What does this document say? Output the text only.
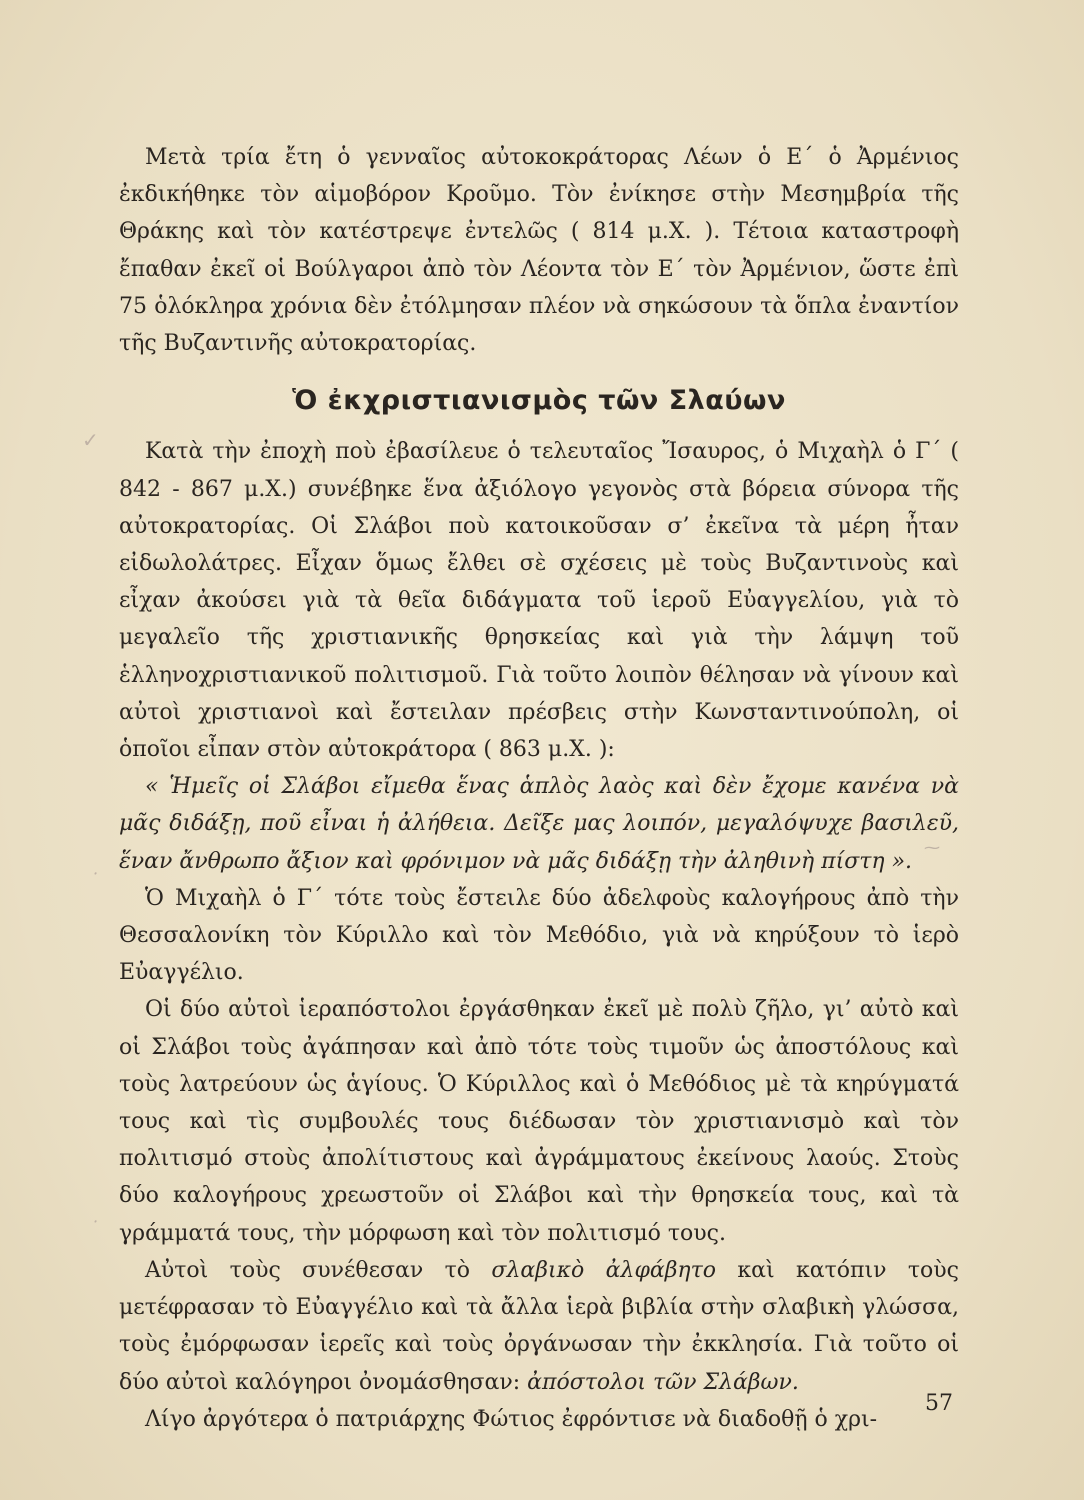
✓
⁓
⸱
⸱

Μετὰ τρία ἔτη ὁ γενναῖος αὐτοκοκράτορας Λέων ὁ Ε΄ ὁ Ἀρμένιος ἐκδικήθηκε τὸν αἱμοβόρον Κροῦμο. Τὸν ἐνίκησε στὴν Μεσημβρία τῆς Θράκης καὶ τὸν κατέστρεψε ἐντελῶς ( 814 μ.Χ. ). Τέτοια καταστροφὴ ἔπαθαν ἐκεῖ οἱ Βούλγαροι ἀπὸ τὸν Λέοντα τὸν Ε΄ τὸν Ἀρμένιον, ὥστε ἐπὶ 75 ὁλόκληρα χρόνια δὲν ἐτόλμησαν πλέον νὰ σηκώσουν τὰ ὅπλα ἐναντίον τῆς Βυζαντινῆς αὐτοκρατορίας.

Ὁ ἐκχριστιανισμὸς τῶν Σλαύων

Κατὰ τὴν ἐποχὴ ποὺ ἐβασίλευε ὁ τελευταῖος Ἴσαυρος, ὁ Μιχαὴλ ὁ Γ΄ ( 842 - 867 μ.Χ.) συνέβηκε ἕνα ἀξιόλογο γεγονὸς στὰ βόρεια σύνορα τῆς αὐτοκρατορίας. Οἱ Σλάβοι ποὺ κατοικοῦσαν σ’ ἐκεῖνα τὰ μέρη ἦταν εἰδωλολάτρες. Εἶχαν ὅμως ἔλθει σὲ σχέσεις μὲ τοὺς Βυζαντινοὺς καὶ εἶχαν ἀκούσει γιὰ τὰ θεῖα διδάγματα τοῦ ἱεροῦ Εὐαγγελίου, γιὰ τὸ μεγαλεῖο τῆς χριστιανικῆς θρησκείας καὶ γιὰ τὴν λάμψη τοῦ ἑλληνοχριστιανικοῦ πολιτισμοῦ. Γιὰ τοῦτο λοιπὸν θέλησαν νὰ γίνουν καὶ αὐτοὶ χριστιανοὶ καὶ ἔστειλαν πρέσβεις στὴν Κωνσταντινούπολη, οἱ ὁποῖοι εἶπαν στὸν αὐτοκράτορα ( 863 μ.Χ. ):

« Ἡμεῖς οἱ Σλάβοι εἴμεθα ἕνας ἁπλὸς λαὸς καὶ δὲν ἔχομε κανένα νὰ μᾶς διδάξῃ, ποῦ εἶναι ἡ ἀλήθεια. Δεῖξε μας λοιπόν, μεγαλόψυχε βασιλεῦ, ἕναν ἄνθρωπο ἄξιον καὶ φρόνιμον νὰ μᾶς διδάξῃ τὴν ἀληθινὴ πίστη ».

Ὁ Μιχαὴλ ὁ Γ΄ τότε τοὺς ἔστειλε δύο ἀδελφοὺς καλογήρους ἀπὸ τὴν Θεσσαλονίκη τὸν Κύριλλο καὶ τὸν Μεθόδιο, γιὰ νὰ κηρύξουν τὸ ἱερὸ Εὐαγγέλιο.

Οἱ δύο αὐτοὶ ἱεραπόστολοι ἐργάσθηκαν ἐκεῖ μὲ πολὺ ζῆλο, γι’ αὐτὸ καὶ οἱ Σλάβοι τοὺς ἀγάπησαν καὶ ἀπὸ τότε τοὺς τιμοῦν ὡς ἀποστόλους καὶ τοὺς λατρεύουν ὡς ἁγίους. Ὁ Κύριλλος καὶ ὁ Μεθόδιος μὲ τὰ κηρύγματά τους καὶ τὶς συμβουλές τους διέδωσαν τὸν χριστιανισμὸ καὶ τὸν πολιτισμό στοὺς ἀπολίτιστους καὶ ἀγράμματους ἐκείνους λαούς. Στοὺς δύο καλογήρους χρεωστοῦν οἱ Σλάβοι καὶ τὴν θρησκεία τους, καὶ τὰ γράμματά τους, τὴν μόρφωση καὶ τὸν πολιτισμό τους.

Αὐτοὶ τοὺς συνέθεσαν τὸ σλαβικὸ ἀλφάβητο καὶ κατόπιν τοὺς μετέφρασαν τὸ Εὐαγγέλιο καὶ τὰ ἄλλα ἱερὰ βιβλία στὴν σλαβικὴ γλώσσα, τοὺς ἐμόρφωσαν ἱερεῖς καὶ τοὺς ὀργάνωσαν τὴν ἐκκλησία. Γιὰ τοῦτο οἱ δύο αὐτοὶ καλόγηροι ὀνομάσθησαν: ἀπόστολοι τῶν Σλάβων.

Λίγο ἀργότερα ὁ πατριάρχης Φώτιος ἐφρόντισε νὰ διαδοθῇ ὁ χρι-

57
